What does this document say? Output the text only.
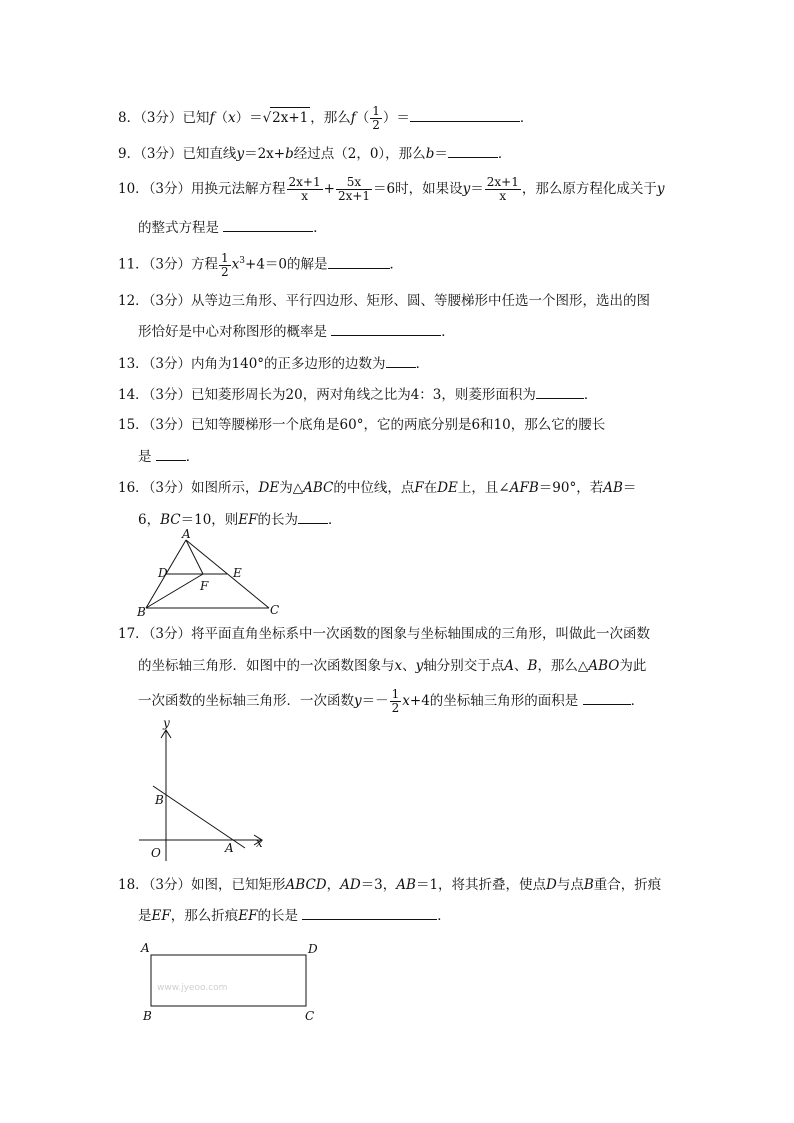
8．（3分）已知f（x）＝√2x+1 ，那么$f( \frac{1}{2}$ ）＝	．
9．（3分）已知直线y＝2x+b经过点（2，0），那么b＝	．
10．（3分）用换元法解方程 $\frac{2x+1}{x} + \frac{5x}{2x+1} =6$时，如果设$y= \frac{2x+1}{x}$ ，那么原方程化成关于y
的整式方程是	．
11．（3分）方程 $\frac{1}{2} x^3+4=0$的解是	．
12．（3分）从等边三角形、平行四边形、矩形、圆、等腰梯形中任选一个图形，选出的图
形恰好是中心对称图形的概率是	．
13．（3分）内角为140°的正多边形的边数为 ．
14．（3分）已知菱形周长为20，两对角线之比为4：3，则菱形面积为	．
15．（3分）已知等腰梯形一个底角是60°，它的两底分别是6和10，那么它的腰长
是	．
16．（3分）如图所示，DE为△ABC的中位线，点F在DE上，且∠AFB＝90°，若AB＝
6，BC＝10，则EF的长为 ．
A
D	E
F
B	C
17．（3分）将平面直角坐标系中一次函数的图象与坐标轴围成的三角形，叫做此一次函数
的坐标轴三角形．如图中的一次函数图象与x、y轴分别交于点A、B，那么△ABO为此
一次函数的坐标轴三角形．一次函数$y=- \frac{1}{2} x+4$的坐标轴三角形的面积是	．
y
x
B
O	A
18．（3分）如图，已知矩形ABCD，AD＝3，AB＝1，将其折叠，使点D与点B重合，折痕
是EF，那么折痕EF的长是	．
www.jyeoo.com
A	D
B	C
